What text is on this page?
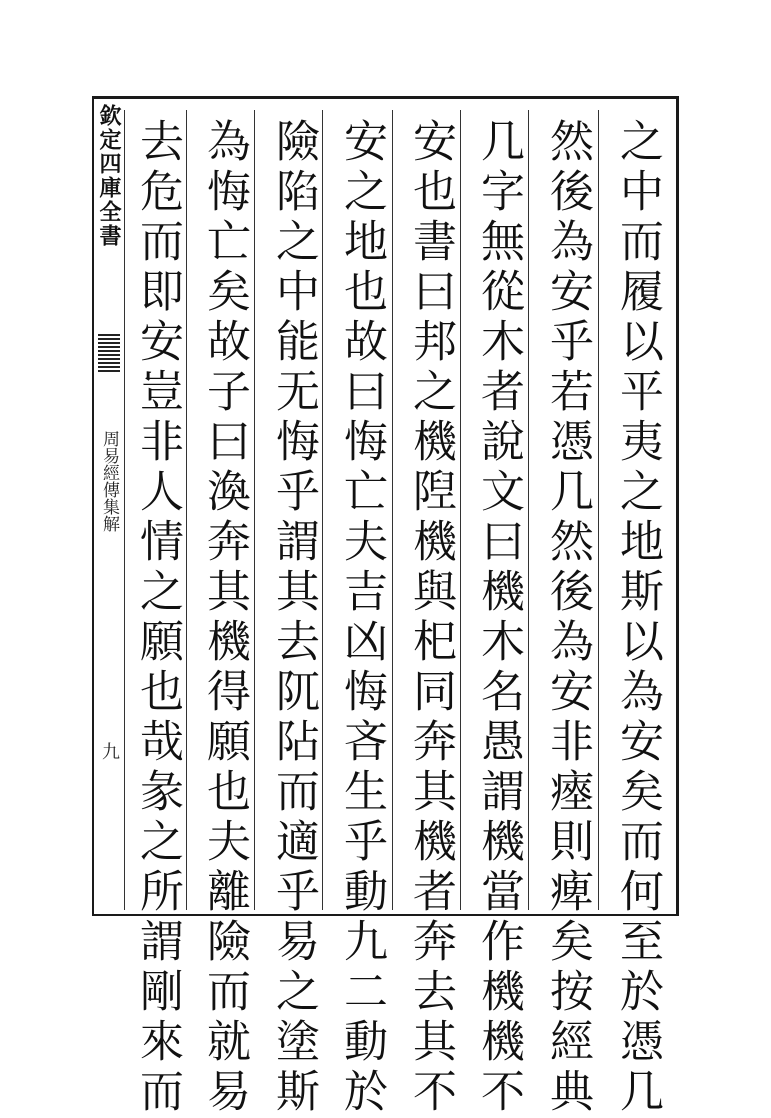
欽定四庫全書
周易經傳集解
九	之中而履以平夷之地斯以為安矣而何至於憑几
然後為安乎若憑几然後為安非瘞則痺矣按經典
几字無從木者說文曰機木名愚謂機當作機機不
安也書曰邦之機隉機與𣏌同奔其機者奔去其不
安之地也故曰悔亡夫吉凶悔吝生乎動九二動於
險陷之中能无悔乎謂其去阢阽而適乎易之塗斯
為悔亡矣故子曰渙奔其機得願也夫離險而就易
去危而即安豈非人情之願也哉彖之所謂剛來而
